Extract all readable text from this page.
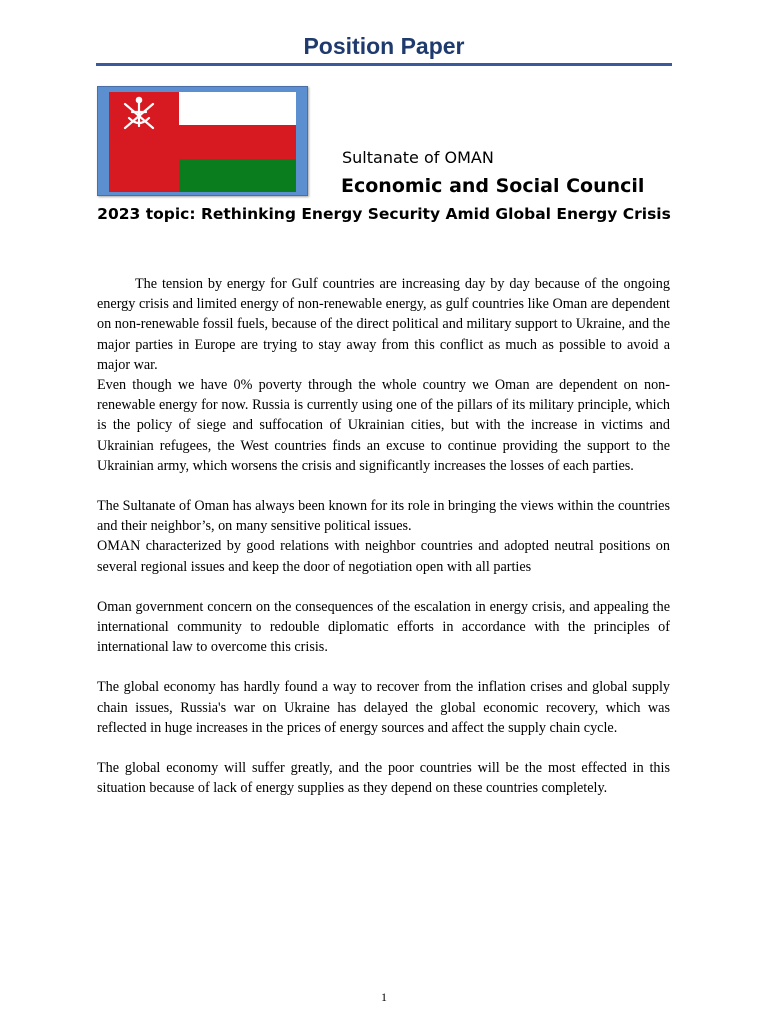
Position Paper

Sultanate of OMAN

Economic and Social Council

2023 topic: Rethinking Energy Security Amid Global Energy Crisis

The tension by energy for Gulf countries are increasing day by day because of the ongoing energy crisis and limited energy of non-renewable energy, as gulf countries like Oman are dependent on non-renewable fossil fuels, because of the direct political and military support to Ukraine, and the major parties in Europe are trying to stay away from this conflict as much as possible to avoid a major war.

Even though we have 0% poverty through the whole country we Oman are dependent on non-renewable energy for now. Russia is currently using one of the pillars of its military principle, which is the policy of siege and suffocation of Ukrainian cities, but with the increase in victims and Ukrainian refugees, the West countries finds an excuse to continue providing the support to the Ukrainian army, which worsens the crisis and significantly increases the losses of each parties.

The Sultanate of Oman has always been known for its role in bringing the views within the countries and their neighbor’s, on many sensitive political issues.

OMAN characterized by good relations with neighbor countries and adopted neutral positions on several regional issues and keep the door of negotiation open with all parties

Oman government concern on the consequences of the escalation in energy crisis, and appealing the international community to redouble diplomatic efforts in accordance with the principles of international law to overcome this crisis.

The global economy has hardly found a way to recover from the inflation crises and global supply chain issues, Russia's war on Ukraine has delayed the global economic recovery, which was reflected in huge increases in the prices of energy sources and affect the supply chain cycle.

The global economy will suffer greatly, and the poor countries will be the most effected in this situation because of lack of energy supplies as they depend on these countries completely.

1
